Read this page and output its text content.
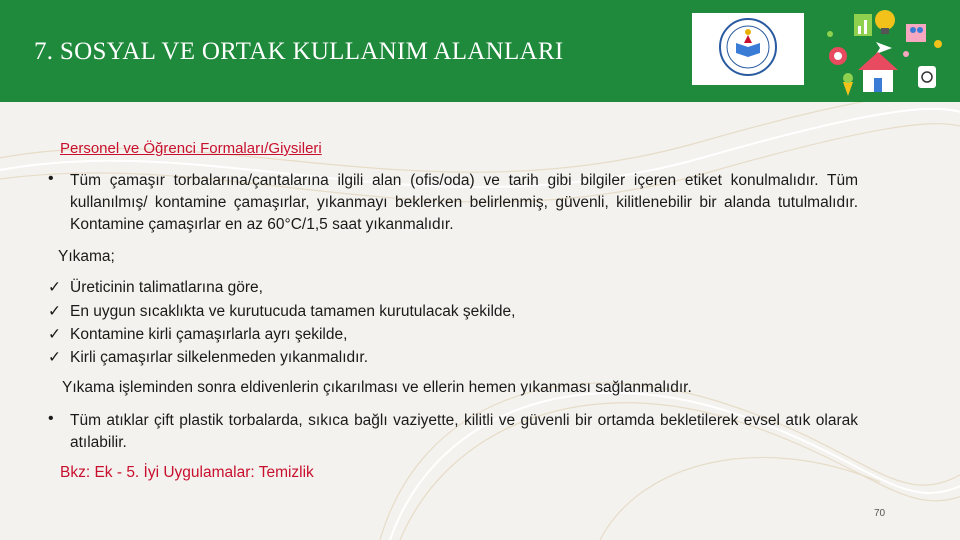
7. SOSYAL VE ORTAK KULLANIM ALANLARI
Personel ve Öğrenci Formaları/Giysileri
• Tüm çamaşır torbalarına/çantalarına ilgili alan (ofis/oda) ve tarih gibi bilgiler içeren etiket konulmalıdır. Tüm kullanılmış/ kontamine çamaşırlar, yıkanmayı beklerken belirlenmiş, güvenli, kilitlenebilir bir alanda tutulmalıdır. Kontamine çamaşırlar en az 60°C/1,5 saat yıkanmalıdır.
Yıkama;
✓ Üreticinin talimatlarına göre,
✓ En uygun sıcaklıkta ve kurutucuda tamamen kurutulacak şekilde,
✓ Kontamine kirli çamaşırlarla ayrı şekilde,
✓ Kirli çamaşırlar silkelenmeden yıkanmalıdır.
Yıkama işleminden sonra eldivenlerin çıkarılması ve ellerin hemen yıkanması sağlanmalıdır.
• Tüm atıklar çift plastik torbalarda, sıkıca bağlı vaziyette, kilitli ve güvenli bir ortamda bekletilerek evsel atık olarak atılabilir.
Bkz: Ek - 5. İyi Uygulamalar: Temizlik
70
